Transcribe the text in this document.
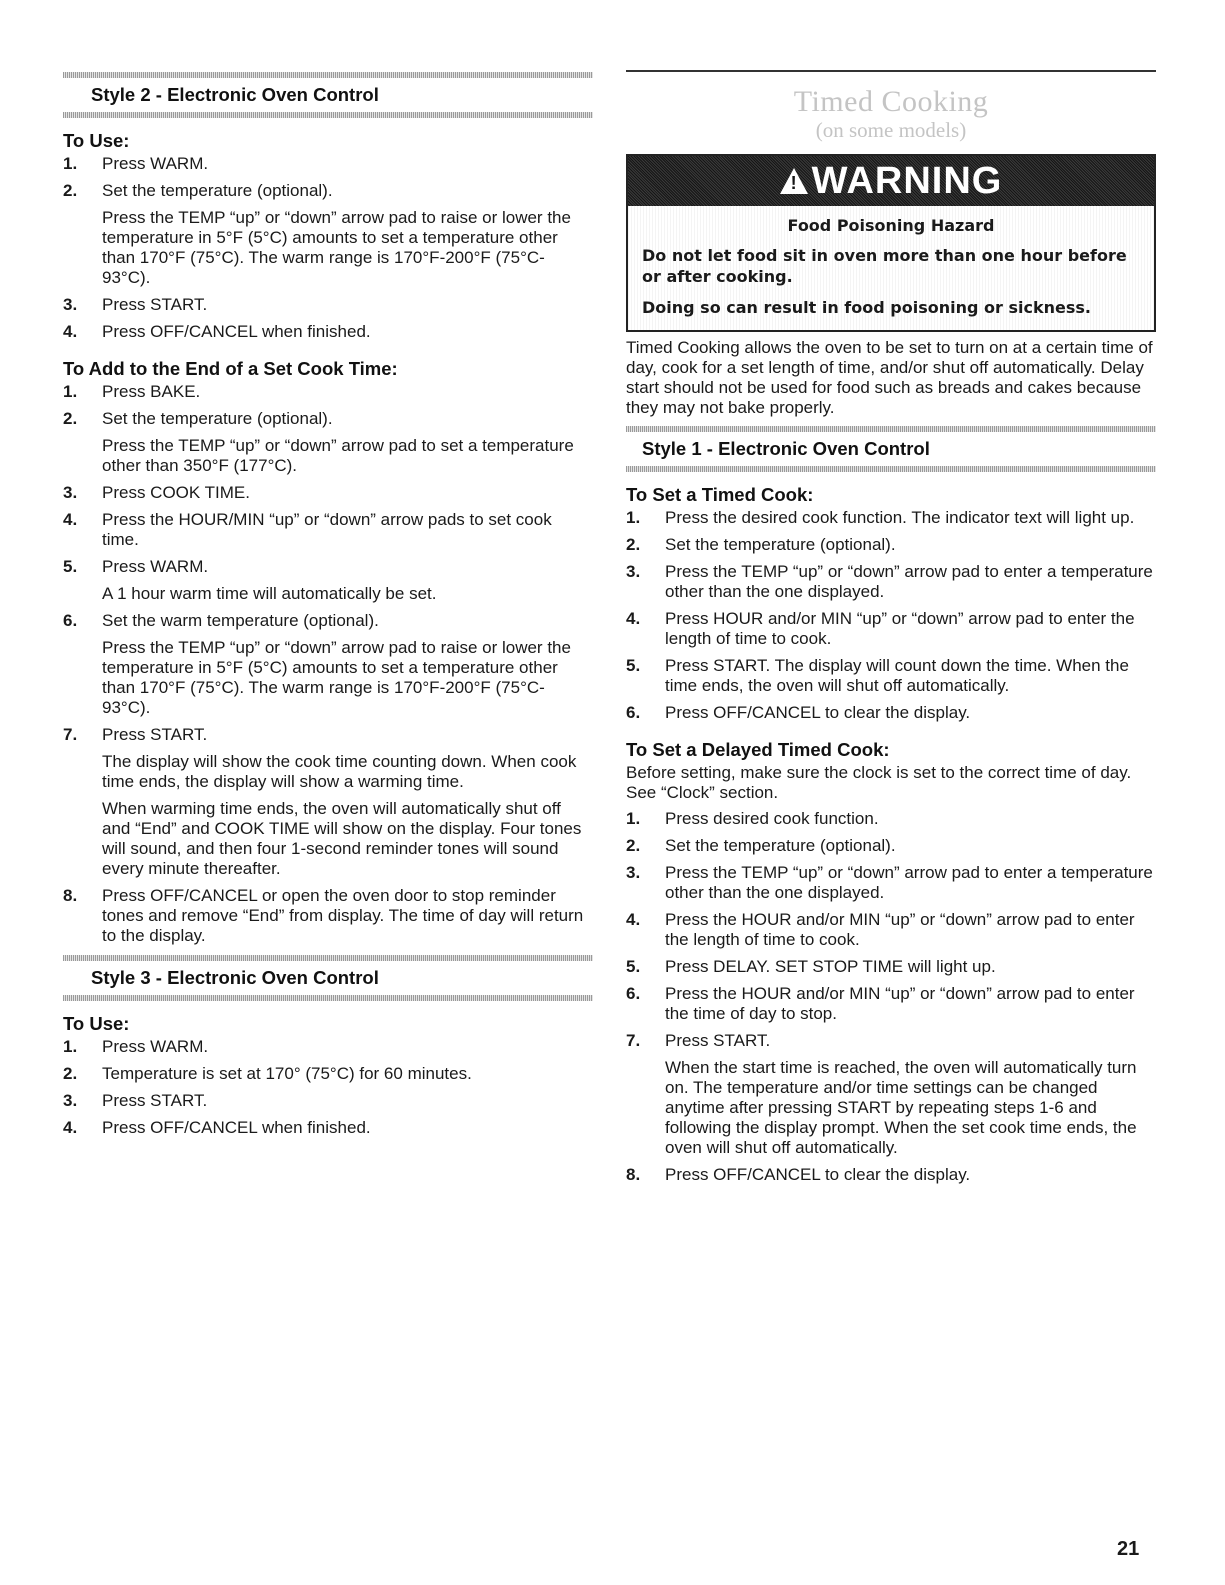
Style 2 - Electronic Oven Control
To Use:
1. Press WARM.

2. Set the temperature (optional).

Press the TEMP “up” or “down” arrow pad to raise or lower the temperature in 5°F (5°C) amounts to set a temperature other than 170°F (75°C). The warm range is 170°F-200°F (75°C-93°C).

3. Press START.

4. Press OFF/CANCEL when finished.

To Add to the End of a Set Cook Time:
1. Press BAKE.

2. Set the temperature (optional).

Press the TEMP “up” or “down” arrow pad to set a temperature other than 350°F (177°C).

3. Press COOK TIME.

4. Press the HOUR/MIN “up” or “down” arrow pads to set cook time.

5. Press WARM.

A 1 hour warm time will automatically be set.

6. Set the warm temperature (optional).

Press the TEMP “up” or “down” arrow pad to raise or lower the temperature in 5°F (5°C) amounts to set a temperature other than 170°F (75°C). The warm range is 170°F-200°F (75°C-93°C).

7. Press START.

The display will show the cook time counting down. When cook time ends, the display will show a warming time.

When warming time ends, the oven will automatically shut off and “End” and COOK TIME will show on the display. Four tones will sound, and then four 1-second reminder tones will sound every minute thereafter.

8. Press OFF/CANCEL or open the oven door to stop reminder tones and remove “End” from display. The time of day will return to the display.

Style 3 - Electronic Oven Control
To Use:
1. Press WARM.

2. Temperature is set at 170° (75°C) for 60 minutes.

3. Press START.

4. Press OFF/CANCEL when finished.

Timed Cooking
(on some models)
! WARNING
Food Poisoning Hazard
Do not let food sit in oven more than one hour before or after cooking.
Doing so can result in food poisoning or sickness.

Timed Cooking allows the oven to be set to turn on at a certain time of day, cook for a set length of time, and/or shut off automatically. Delay start should not be used for food such as breads and cakes because they may not bake properly.

Style 1 - Electronic Oven Control
To Set a Timed Cook:
1. Press the desired cook function. The indicator text will light up.

2. Set the temperature (optional).

3. Press the TEMP “up” or “down” arrow pad to enter a temperature other than the one displayed.

4. Press HOUR and/or MIN “up” or “down” arrow pad to enter the length of time to cook.

5. Press START. The display will count down the time. When the time ends, the oven will shut off automatically.

6. Press OFF/CANCEL to clear the display.

To Set a Delayed Timed Cook:

Before setting, make sure the clock is set to the correct time of day. See “Clock” section.

1. Press desired cook function.

2. Set the temperature (optional).

3. Press the TEMP “up” or “down” arrow pad to enter a temperature other than the one displayed.

4. Press the HOUR and/or MIN “up” or “down” arrow pad to enter the length of time to cook.

5. Press DELAY. SET STOP TIME will light up.

6. Press the HOUR and/or MIN “up” or “down” arrow pad to enter the time of day to stop.

7. Press START.

When the start time is reached, the oven will automatically turn on. The temperature and/or time settings can be changed anytime after pressing START by repeating steps 1-6 and following the display prompt. When the set cook time ends, the oven will shut off automatically.

8. Press OFF/CANCEL to clear the display.

21
